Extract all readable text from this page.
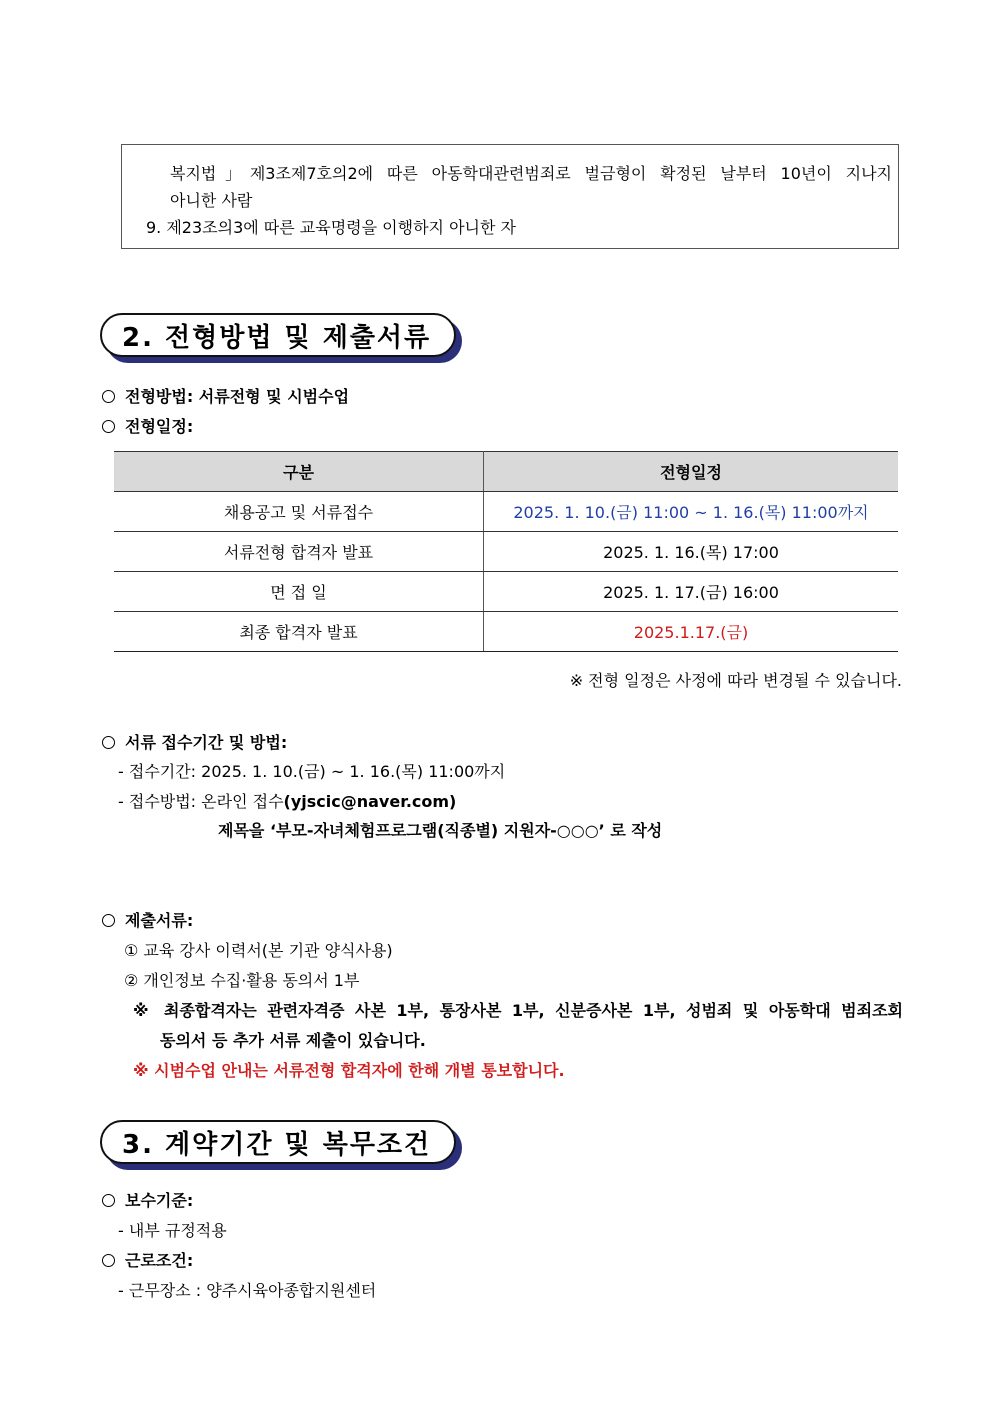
복지법」제3조제7호의2에 따른 아동학대관련범죄로 벌금형이 확정된 날부터 10년이 지나지
아니한 사람
9. 제23조의3에 따른 교육명령을 이행하지 아니한 자
2. 전형방법 및 제출서류
전형방법: 서류전형 및 시범수업
전형일정:
구분	전형일정
채용공고 및 서류접수	2025. 1. 10.(금) 11:00 ~ 1. 16.(목) 11:00까지
서류전형 합격자 발표	2025. 1. 16.(목) 17:00
면 접 일	2025. 1. 17.(금) 16:00
최종 합격자 발표	2025.1.17.(금)
※ 전형 일정은 사정에 따라 변경될 수 있습니다.
서류 접수기간 및 방법:
- 접수기간: 2025. 1. 10.(금) ~ 1. 16.(목) 11:00까지
- 접수방법: 온라인 접수(yjscic@naver.com)
제목을 ‘부모-자녀체험프로그램(직종별) 지원자-○○○’ 로 작성
제출서류:
① 교육 강사 이력서(본 기관 양식사용)
② 개인정보 수집·활용 동의서 1부
※ 최종합격자는 관련자격증 사본 1부, 통장사본 1부, 신분증사본 1부, 성범죄 및 아동학대 범죄조회
동의서 등 추가 서류 제출이 있습니다.
※ 시범수업 안내는 서류전형 합격자에 한해 개별 통보합니다.
3. 계약기간 및 복무조건
보수기준:
- 내부 규정적용
근로조건:
- 근무장소 : 양주시육아종합지원센터
